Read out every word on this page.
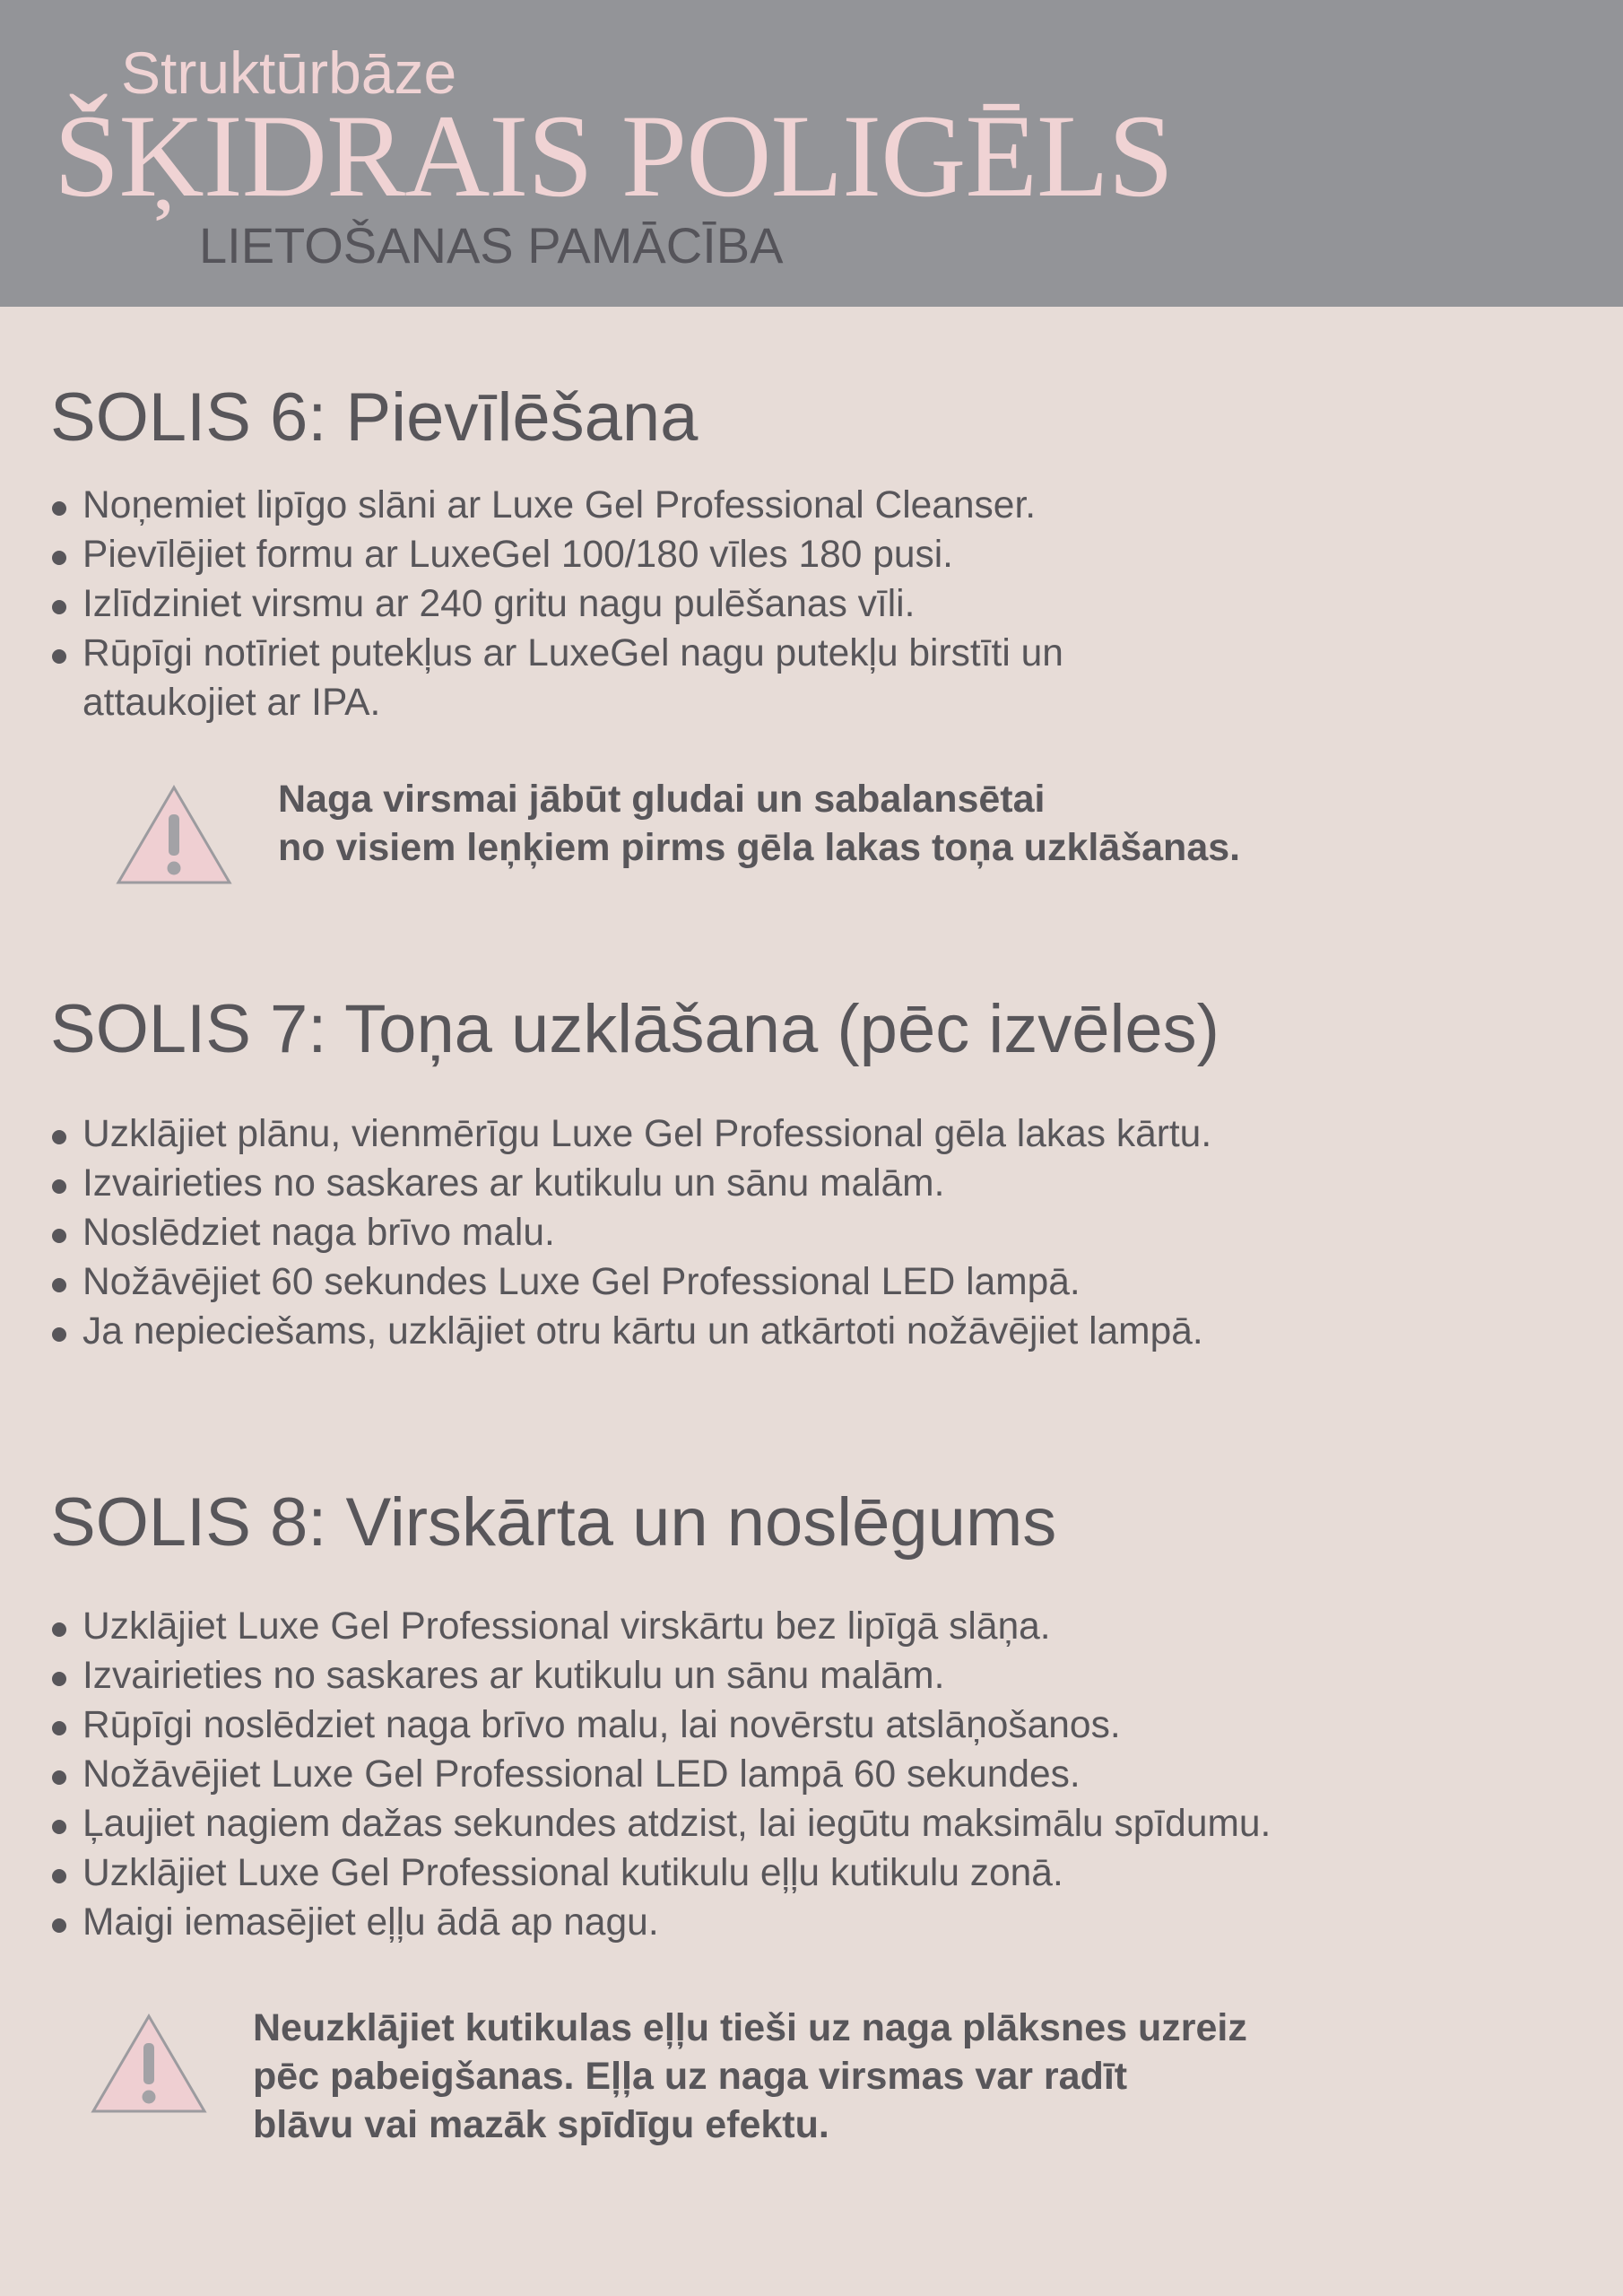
Struktūrbāze
ŠĶIDRAIS POLIGĒLS
LIETOŠANAS PAMĀCĪBA
SOLIS 6: Pievīlēšana
Noņemiet lipīgo slāni ar Luxe Gel Professional Cleanser.
Pievīlējiet formu ar LuxeGel 100/180 vīles 180 pusi.
Izlīdziniet virsmu ar 240 gritu nagu pulēšanas vīli.
Rūpīgi notīriet putekļus ar LuxeGel nagu putekļu birstīti un
attaukojiet ar IPA.
Naga virsmai jābūt gludai un sabalansētai
no visiem leņķiem pirms gēla lakas toņa uzklāšanas.
SOLIS 7: Toņa uzklāšana (pēc izvēles)
Uzklājiet plānu, vienmērīgu Luxe Gel Professional gēla lakas kārtu.
Izvairieties no saskares ar kutikulu un sānu malām.
Noslēdziet naga brīvo malu.
Nožāvējiet 60 sekundes Luxe Gel Professional LED lampā.
Ja nepieciešams, uzklājiet otru kārtu un atkārtoti nožāvējiet lampā.
SOLIS 8: Virskārta un noslēgums
Uzklājiet Luxe Gel Professional virskārtu bez lipīgā slāņa.
Izvairieties no saskares ar kutikulu un sānu malām.
Rūpīgi noslēdziet naga brīvo malu, lai novērstu atslāņošanos.
Nožāvējiet Luxe Gel Professional LED lampā 60 sekundes.
Ļaujiet nagiem dažas sekundes atdzist, lai iegūtu maksimālu spīdumu.
Uzklājiet Luxe Gel Professional kutikulu eļļu kutikulu zonā.
Maigi iemasējiet eļļu ādā ap nagu.
Neuzklājiet kutikulas eļļu tieši uz naga plāksnes uzreiz
pēc pabeigšanas. Eļļa uz naga virsmas var radīt
blāvu vai mazāk spīdīgu efektu.
